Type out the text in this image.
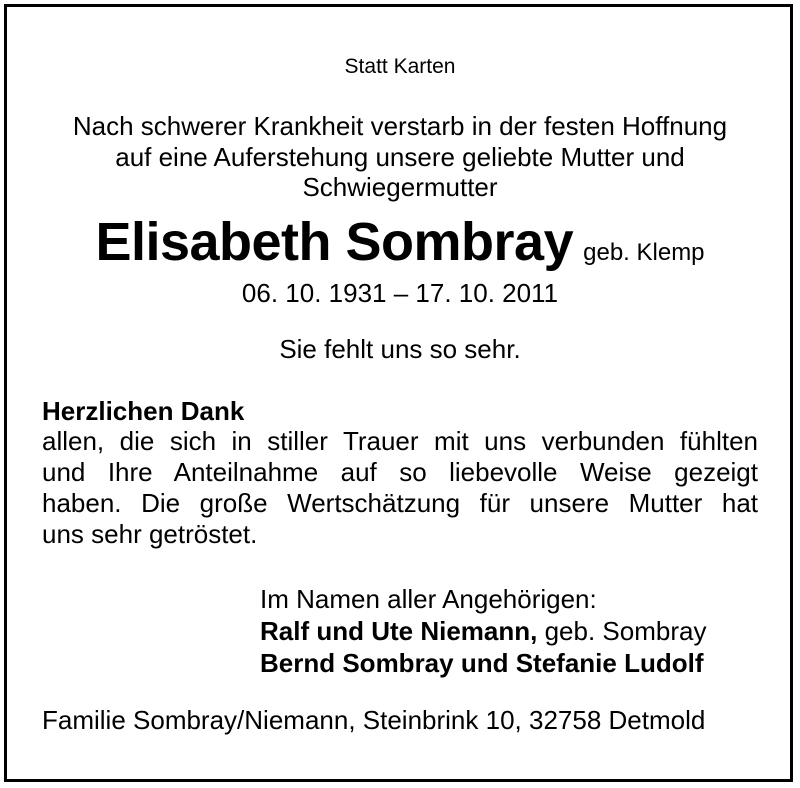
Statt Karten
Nach schwerer Krankheit verstarb in der festen Hoffnung
auf eine Auferstehung unsere geliebte Mutter und
Schwiegermutter
Elisabeth Sombray geb. Klemp
06. 10. 1931 – 17. 10. 2011
Sie fehlt uns so sehr.
Herzlichen Dank
allen, die sich in stiller Trauer mit uns verbunden fühlten
und Ihre Anteilnahme auf so liebevolle Weise gezeigt
haben. Die große Wertschätzung für unsere Mutter hat
uns sehr getröstet.
Im Namen aller Angehörigen:
Ralf und Ute Niemann, geb. Sombray
Bernd Sombray und Stefanie Ludolf
Familie Sombray/Niemann, Steinbrink 10, 32758 Detmold
